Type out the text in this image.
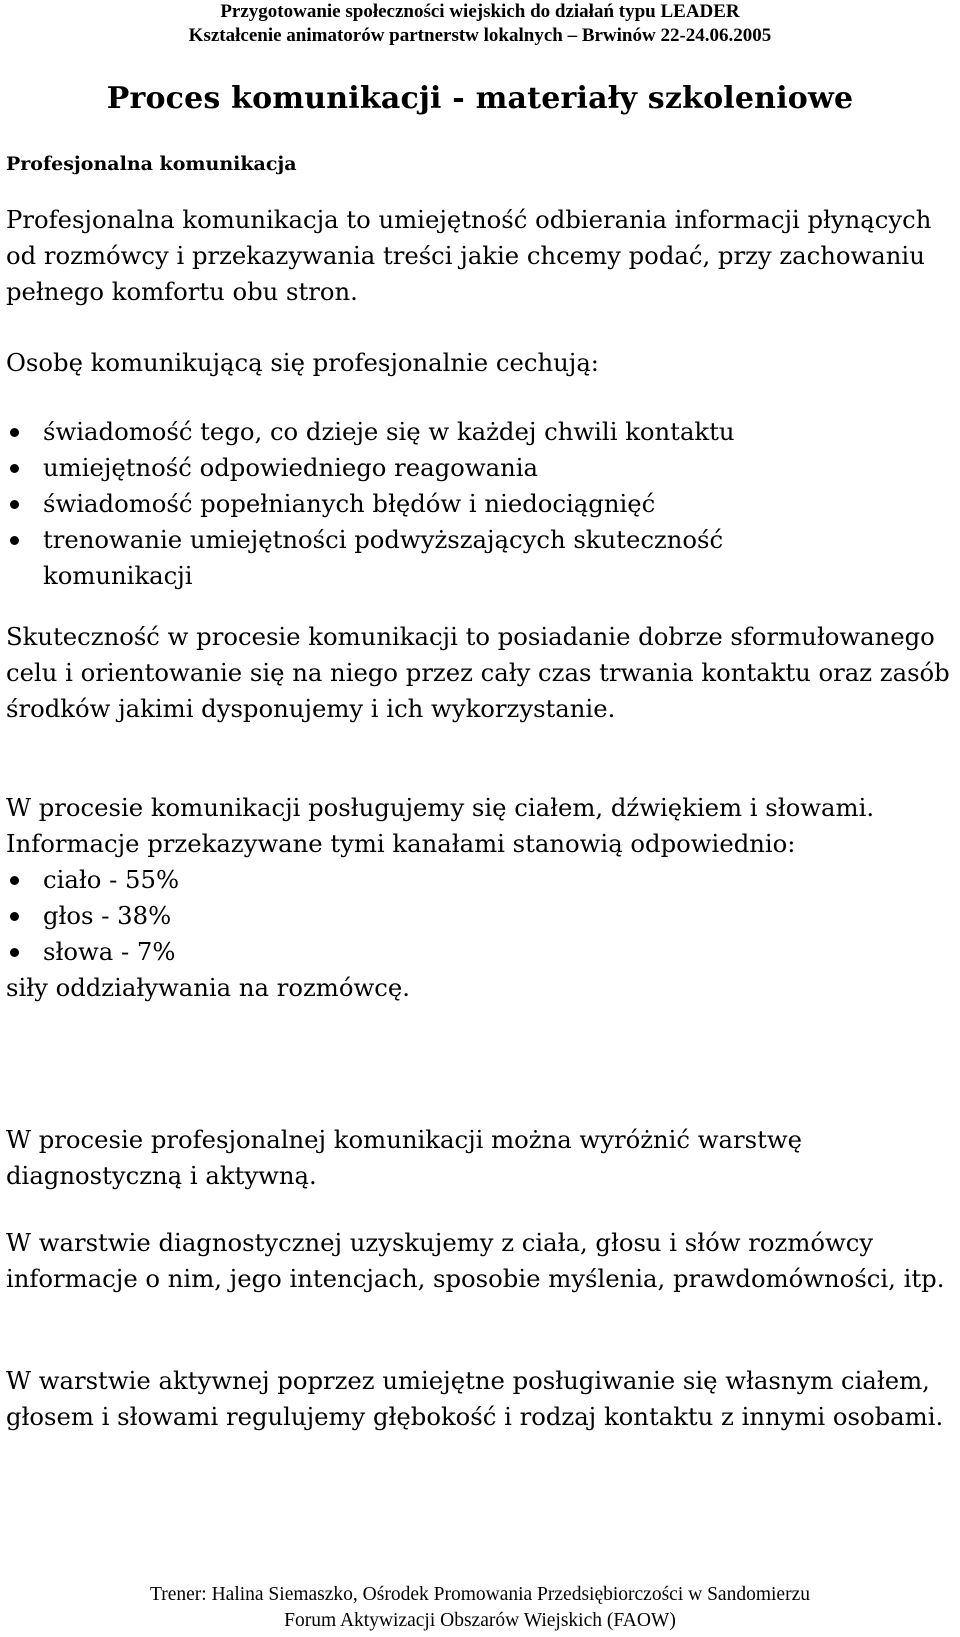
Przygotowanie społeczności wiejskich do działań typu LEADER
Kształcenie animatorów partnerstw lokalnych – Brwinów 22-24.06.2005
Proces komunikacji - materiały szkoleniowe
Profesjonalna komunikacja

Profesjonalna komunikacja to umiejętność odbierania informacji płynących od rozmówcy i przekazywania treści jakie chcemy podać, przy zachowaniu pełnego komfortu obu stron.

Osobę komunikującą się profesjonalnie cechują:

świadomość tego, co dzieje się w każdej chwili kontaktu
umiejętność odpowiedniego reagowania
świadomość popełnianych błędów i niedociągnięć
trenowanie umiejętności podwyższających skuteczność komunikacji

Skuteczność w procesie komunikacji to posiadanie dobrze sformułowanego celu i orientowanie się na niego przez cały czas trwania kontaktu oraz zasób środków jakimi dysponujemy i ich wykorzystanie.

W procesie komunikacji posługujemy się ciałem, dźwiękiem i słowami. Informacje przekazywane tymi kanałami stanowią odpowiednio:

ciało - 55%
głos - 38%
słowa - 7%

siły oddziaływania na rozmówcę.

W procesie profesjonalnej komunikacji można wyróżnić warstwę diagnostyczną i aktywną.

W warstwie diagnostycznej uzyskujemy z ciała, głosu i słów rozmówcy informacje o nim, jego intencjach, sposobie myślenia, prawdomówności, itp.

W warstwie aktywnej poprzez umiejętne posługiwanie się własnym ciałem, głosem i słowami regulujemy głębokość i rodzaj kontaktu z innymi osobami.

Trener: Halina Siemaszko, Ośrodek Promowania Przedsiębiorczości w Sandomierzu
Forum Aktywizacji Obszarów Wiejskich (FAOW)
